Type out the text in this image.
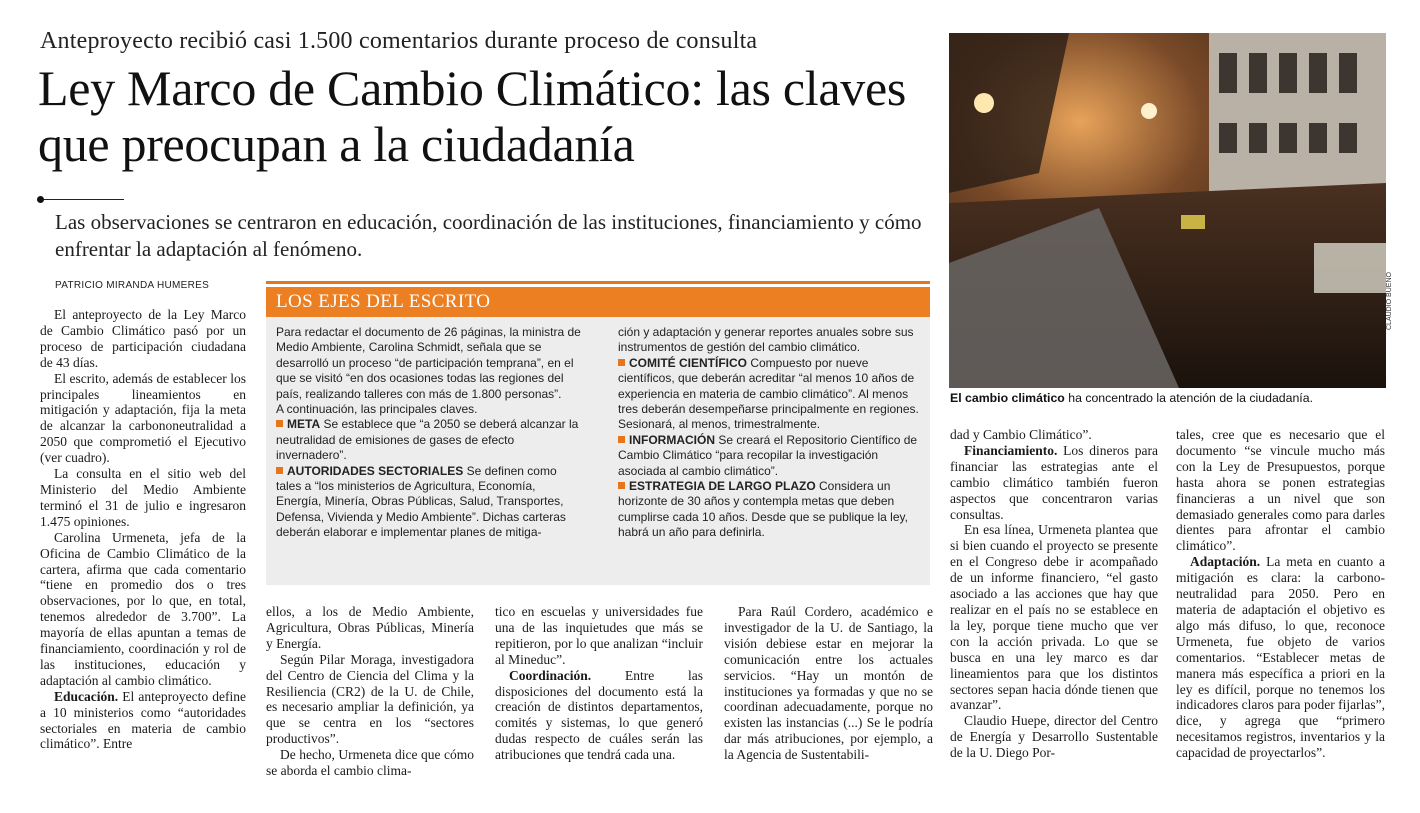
Anteproyecto recibió casi 1.500 comentarios durante proceso de consulta
Ley Marco de Cambio Climático: las claves que preocupan a la ciudadanía
Las observaciones se centraron en educación, coordinación de las instituciones, financiamiento y cómo enfrentar la adaptación al fenómeno.
PATRICIO MIRANDA HUMERES

El anteproyecto de la Ley Marco de Cambio Climático pasó por un proceso de participación ciudadana de 43 días.

El escrito, además de establecer los principales lineamientos en mitigación y adaptación, fija la meta de alcanzar la carbononeutralidad a 2050 que comprometió el Ejecutivo (ver cuadro).

La consulta en el sitio web del Ministerio del Medio Ambiente terminó el 31 de julio e ingresaron 1.475 opiniones.

Carolina Urmeneta, jefa de la Oficina de Cambio Climático de la cartera, afirma que cada comentario “tiene en promedio dos o tres observaciones, por lo que, en total, tenemos alrededor de 3.700”. La mayoría de ellas apuntan a temas de financiamiento, coordinación y rol de las instituciones, educación y adaptación al cambio climático.

Educación. El anteproyecto define a 10 ministerios como “autoridades sectoriales en materia de cambio climático”. Entre

ellos, a los de Medio Ambiente, Agricultura, Obras Públicas, Minería y Energía.

Según Pilar Moraga, investigadora del Centro de Ciencia del Clima y la Resiliencia (CR2) de la U. de Chile, es necesario ampliar la definición, ya que se centra en los “sectores productivos”.

De hecho, Urmeneta dice que cómo se aborda el cambio clima-

tico en escuelas y universidades fue una de las inquietudes que más se repitieron, por lo que analizan “incluir al Mineduc”.

Coordinación. Entre las disposiciones del documento está la creación de distintos departamentos, comités y sistemas, lo que generó dudas respecto de cuáles serán las atribuciones que tendrá cada una.

Para Raúl Cordero, académico e investigador de la U. de Santiago, la visión debiese estar en mejorar la comunicación entre los actuales servicios. “Hay un montón de instituciones ya formadas y que no se coordinan adecuadamente, porque no existen las instancias (...) Se le podría dar más atribuciones, por ejemplo, a la Agencia de Sustentabili-

dad y Cambio Climático”.

Financiamiento. Los dineros para financiar las estrategias ante el cambio climático también fueron aspectos que concentraron varias consultas.

En esa línea, Urmeneta plantea que si bien cuando el proyecto se presente en el Congreso debe ir acompañado de un informe financiero, “el gasto asociado a las acciones que hay que realizar en el país no se establece en la ley, porque tiene mucho que ver con la acción privada. Lo que se busca en una ley marco es dar lineamientos para que los distintos sectores sepan hacia dónde tienen que avanzar”.

Claudio Huepe, director del Centro de Energía y Desarrollo Sustentable de la U. Diego Por-

tales, cree que es necesario que el documento “se vincule mucho más con la Ley de Presupuestos, porque hasta ahora se ponen estrategias financieras a un nivel que son demasiado generales como para darles dientes para afrontar el cambio climático”.

Adaptación. La meta en cuanto a mitigación es clara: la carbono-neutralidad para 2050. Pero en materia de adaptación el objetivo es algo más difuso, lo que, reconoce Urmeneta, fue objeto de varios comentarios. “Establecer metas de manera más específica a priori en la ley es difícil, porque no tenemos los indicadores claros para poder fijarlas”, dice, y agrega que “primero necesitamos registros, inventarios y la capacidad de proyectarlos”.

LOS EJES DEL ESCRITO

Para redactar el documento de 26 páginas, la ministra de Medio Ambiente, Carolina Schmidt, señala que se desarrolló un proceso “de participación temprana”, en el que se visitó “en dos ocasiones todas las regiones del país, realizando talleres con más de 1.800 personas”.

A continuación, las principales claves.

META Se establece que “a 2050 se deberá alcanzar la neutralidad de emisiones de gases de efecto invernadero”.

AUTORIDADES SECTORIALES Se definen como tales a “los ministerios de Agricultura, Economía, Energía, Minería, Obras Públicas, Salud, Transportes, Defensa, Vivienda y Medio Ambiente”. Dichas carteras deberán elaborar e implementar planes de mitiga-

ción y adaptación y generar reportes anuales sobre sus instrumentos de gestión del cambio climático.

COMITÉ CIENTÍFICO Compuesto por nueve científicos, que deberán acreditar “al menos 10 años de experiencia en materia de cambio climático”. Al menos tres deberán desempeñarse principalmente en regiones. Sesionará, al menos, trimestralmente.

INFORMACIÓN Se creará el Repositorio Científico de Cambio Climático “para recopilar la investigación asociada al cambio climático”.

ESTRATEGIA DE LARGO PLAZO Considera un horizonte de 30 años y contempla metas que deben cumplirse cada 10 años. Desde que se publique la ley, habrá un año para definirla.

CLAUDIO BUENO
El cambio climático ha concentrado la atención de la ciudadanía.
